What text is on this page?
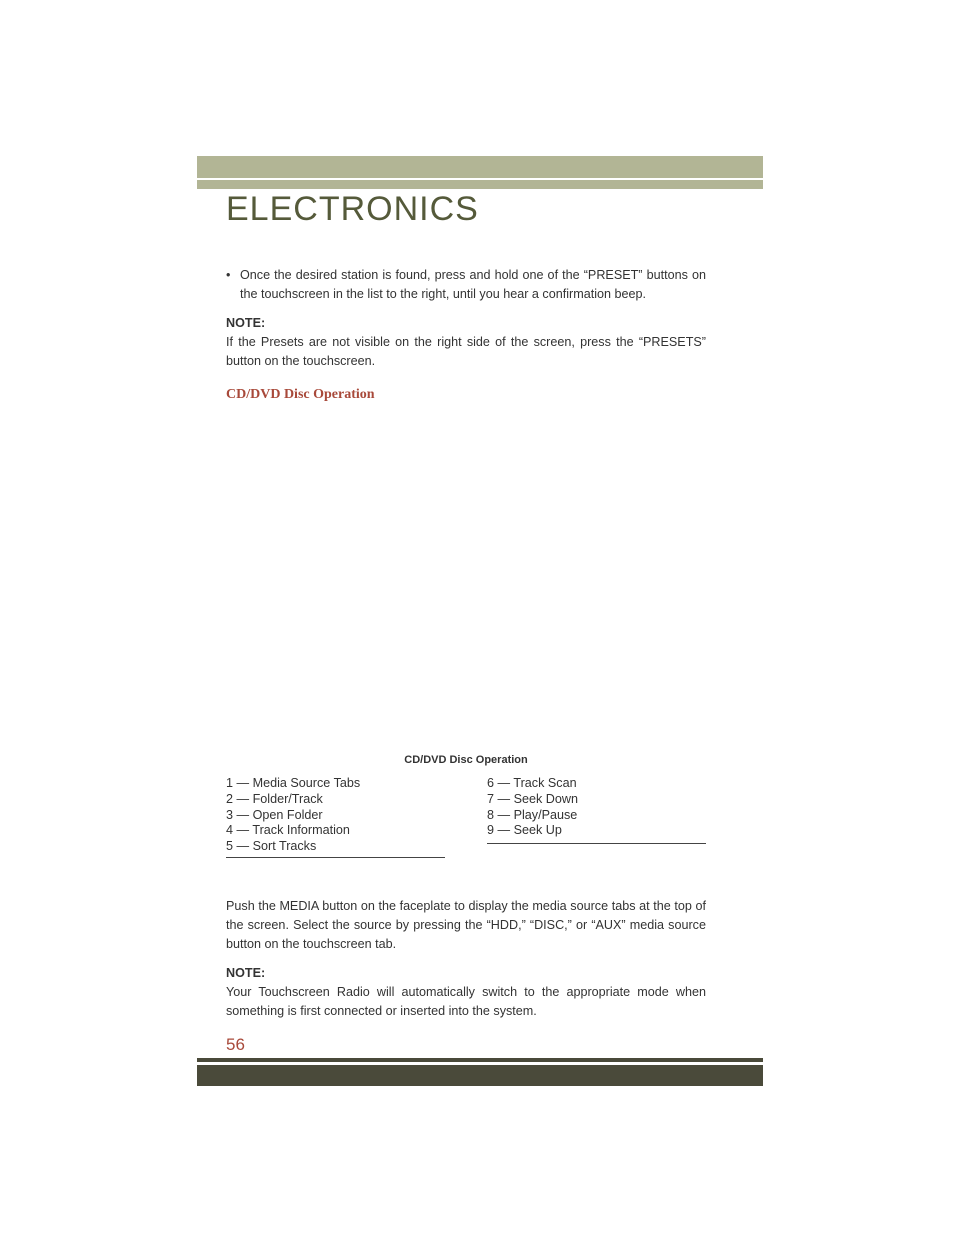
ELECTRONICS

• Once the desired station is found, press and hold one of the “PRESET” buttons on the touchscreen in the list to the right, until you hear a confirmation beep.

NOTE:

If the Presets are not visible on the right side of the screen, press the “PRESETS” button on the touchscreen.

CD/DVD Disc Operation

CD/DVD Disc Operation
1 — Media Source Tabs
2 — Folder/Track
3 — Open Folder
4 — Track Information
5 — Sort Tracks
6 — Track Scan
7 — Seek Down
8 — Play/Pause
9 — Seek Up

Push the MEDIA button on the faceplate to display the media source tabs at the top of the screen. Select the source by pressing the “HDD,” “DISC,” or “AUX” media source button on the touchscreen tab.

NOTE:

Your Touchscreen Radio will automatically switch to the appropriate mode when something is first connected or inserted into the system.

56
